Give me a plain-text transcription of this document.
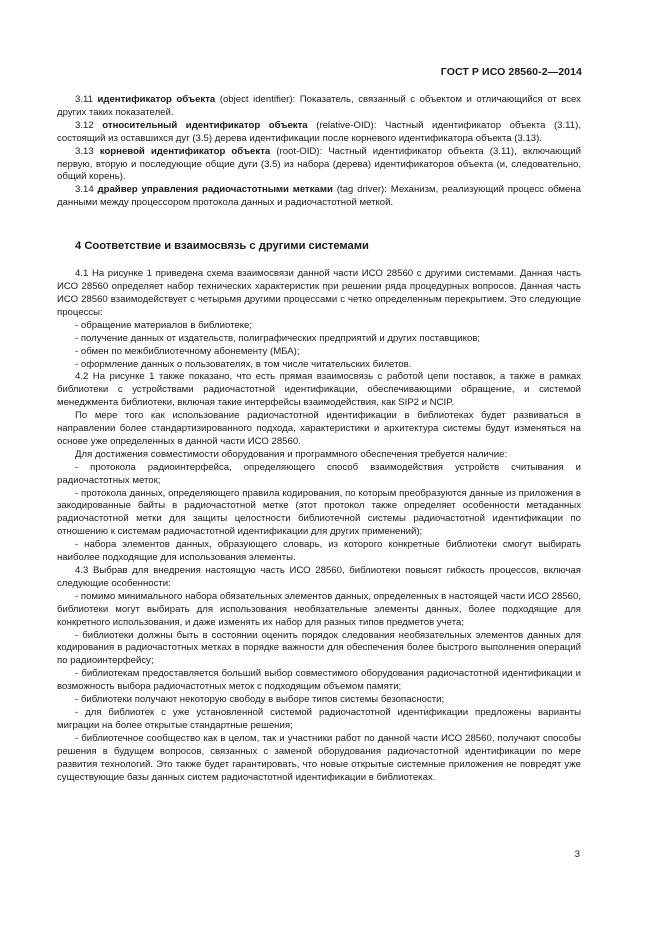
ГОСТ Р ИСО 28560-2—2014

3.11 идентификатор объекта (object identifier): Показатель, связанный с объектом и отличающийся от всех других таких показателей.

3.12 относительный идентификатор объекта (relative-OID): Частный идентификатор объекта (3.11), состоящий из оставшихся дуг (3.5) дерева идентификации после корневого идентификатора объекта (3.13).

3.13 корневой идентификатор объекта (root-OID): Частный идентификатор объекта (3.11), включающий первую, вторую и последующие общие дуги (3.5) из набора (дерева) идентификаторов объекта (и, следовательно, общий корень).

3.14 драйвер управления радиочастотными метками (tag driver): Механизм, реализующий процесс обмена данными между процессором протокола данных и радиочастотной меткой.

4 Соответствие и взаимосвязь с другими системами

4.1 На рисунке 1 приведена схема взаимосвязи данной части ИСО 28560 с другими системами. Данная часть ИСО 28560 определяет набор технических характеристик при решении ряда процедурных вопросов. Данная часть ИСО 28560 взаимодействует с четырьмя другими процессами с четко определенным перекрытием. Это следующие процессы:

- обращение материалов в библиотеке;

- получение данных от издательств, полиграфических предприятий и других поставщиков;

- обмен по межбиблиотечному абонементу (МБА);

- оформление данных о пользователях, в том числе читательских билетов.

4.2 На рисунке 1 также показано, что есть прямая взаимосвязь с работой цепи поставок, а также в рамках библиотеки с устройствами радиочастотной идентификации, обеспечивающими обращение, и системой менеджмента библиотеки, включая такие интерфейсы взаимодействия, как SIP2 и NCIP.

По мере того как использование радиочастотной идентификации в библиотеках будет развиваться в направлении более стандартизированного подхода, характеристики и архитектура системы будут изменяться на основе уже определенных в данной части ИСО 28560.

Для достижения совместимости оборудования и программного обеспечения требуется наличие:

- протокола радиоинтерфейса, определяющего способ взаимодействия устройств считывания и радиочастотных меток;

- протокола данных, определяющего правила кодирования, по которым преобразуются данные из приложения в закодированные байты в радиочастотной метке (этот протокол также определяет особенности метаданных радиочастотной метки для защиты целостности библиотечной системы радиочастотной идентификации по отношению к системам радиочастотной идентификации для других применений);

- набора элементов данных, образующего словарь, из которого конкретные библиотеки смогут выбирать наиболее подходящие для использования элементы.

4.3 Выбрав для внедрения настоящую часть ИСО 28560, библиотеки повысят гибкость процессов, включая следующие особенности:

- помимо минимального набора обязательных элементов данных, определенных в настоящей части ИСО 28560, библиотеки могут выбирать для использования необязательные элементы данных, более подходящие для конкретного использования, и даже изменять их набор для разных типов предметов учета;

- библиотеки должны быть в состоянии оценить порядок следования необязательных элементов данных для кодирования в радиочастотных метках в порядке важности для обеспечения более быстрого выполнения операций по радиоинтерфейсу;

- библиотекам предоставляется больший выбор совместимого оборудования радиочастотной идентификации и возможность выбора радиочастотных меток с подходящим объемом памяти;

- библиотеки получают некоторую свободу в выборе типов системы безопасности;

- для библиотек с уже установленной системой радиочастотной идентификации предложены варианты миграции на более открытые стандартные решения;

- библиотечное сообщество как в целом, так и участники работ по данной части ИСО 28560, получают способы решения в будущем вопросов, связанных с заменой оборудования радиочастотной идентификации по мере развития технологий. Это также будет гарантировать, что новые открытые системные приложения не повредят уже существующие базы данных систем радиочастотной идентификации в библиотеках.

3
